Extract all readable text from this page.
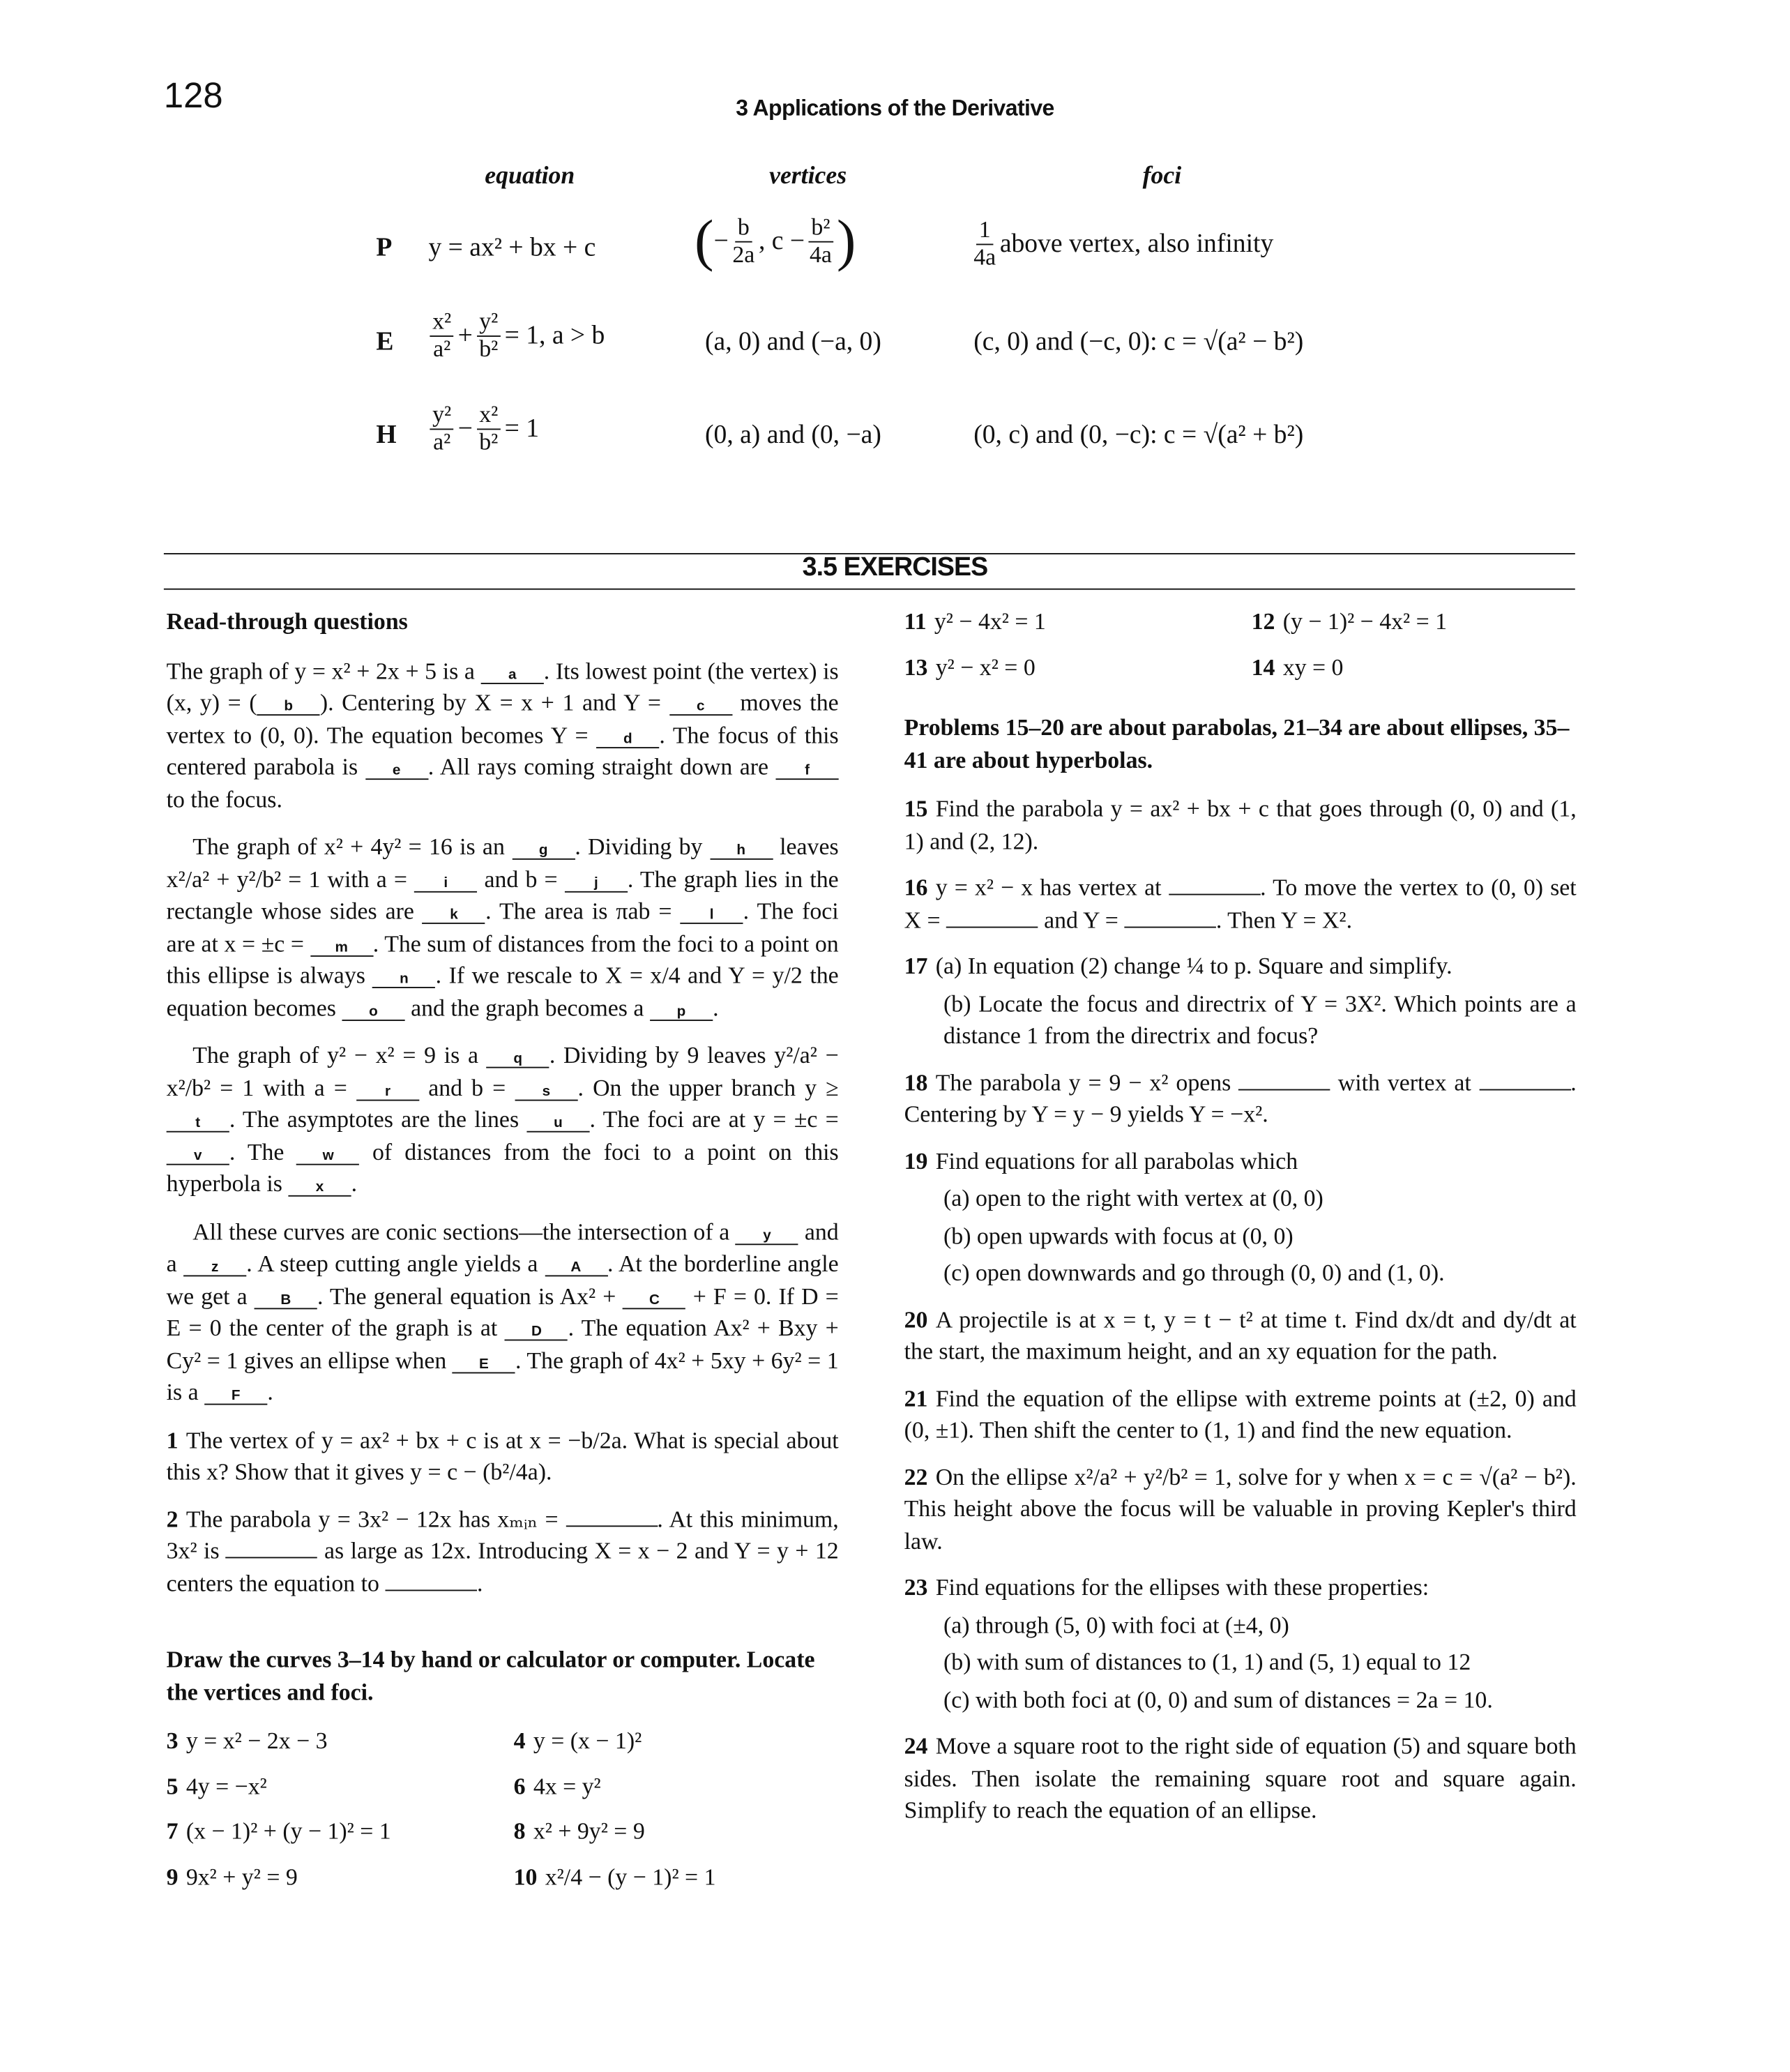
128	3 Applications of the Derivative
equation	vertices	foci
P	y = ax² + bx + c	( − $\frac{b}{2a}$ , $c - \frac{\text{b²}}{4a}$ )	$\frac{1}{4a}$ above vertex, also infinity
E	$\frac{\text{x²}}{\text{a²}} + \frac{\text{y²}}{\text{b²}} = 1$, a > b	(a, 0) and (−a, 0)	(c, 0) and (−c, 0): c = √(a² − b²)
H	$\frac{\text{y²}}{\text{a²}} - \frac{\text{x²}}{\text{b²}} = 1$	(0, a) and (0, −a)	(0, c) and (0, −c): c = √(a² + b²)
3.5 EXERCISES
Read-through questions
The graph of y = x² + 2x + 5 is a	a . Its lowest point (the vertex) is (x, y) = (	b ). Centering by X = x + 1 and Y =	c moves the vertex to (0, 0). The equation becomes Y =	d . The focus of this centered parabola is	e . All rays coming straight down are	f to the focus.
The graph of x² + 4y² = 16 is an	g . Dividing by	h leaves x²/a² + y²/b² = 1 with a =	i and b =	j . The graph lies in the rectangle whose sides are	k . The area is πab =	l . The foci are at x = ±c =	m . The sum of distances from the foci to a point on this ellipse is always	n . If we rescale to X = x/4 and Y = y/2 the equation becomes	o and the graph becomes a	p .
The graph of y² − x² = 9 is a	q . Dividing by 9 leaves y²/a² − x²/b² = 1 with a =	r and b =	s . On the upper branch y ≥ t . The asymptotes are the lines	u . The foci are at y = ±c = v . The	w of distances from the foci to a point on this hyperbola is	x .
All these curves are conic sections—the intersection of a	y and a	z . A steep cutting angle yields a	A . At the borderline angle we get a	B . The general equation is Ax² +	C + F = 0. If D = E = 0 the center of the graph is at	D . The equation Ax² + Bxy + Cy² = 1 gives an ellipse when	E . The graph of 4x² + 5xy + 6y² = 1 is a	F .
1 The vertex of y = ax² + bx + c is at x = −b/2a. What is special about this x? Show that it gives y = c − (b²/4a).
2 The parabola y = 3x² − 12x has xₘᵢₙ =	. At this minimum, 3x² is	as large as 12x. Introducing X = x − 2 and Y = y + 12 centers the equation to	.
Draw the curves 3–14 by hand or calculator or computer. Locate the vertices and foci.
3 y = x² − 2x − 3	4 y = (x − 1)²
5 4y = −x²	6 4x = y²
7 (x − 1)² + (y − 1)² = 1	8 x² + 9y² = 9
9 9x² + y² = 9	10 x²/4 − (y − 1)² = 1
11 y² − 4x² = 1	12 (y − 1)² − 4x² = 1
13 y² − x² = 0	14 xy = 0
Problems 15–20 are about parabolas, 21–34 are about ellipses, 35–41 are about hyperbolas.
15 Find the parabola y = ax² + bx + c that goes through (0, 0) and (1, 1) and (2, 12).
16 y = x² − x has vertex at	. To move the vertex to (0, 0) set X =	and Y =	. Then Y = X².
17 (a) In equation (2) change ¼ to p. Square and simplify.
(b) Locate the focus and directrix of Y = 3X². Which points are a distance 1 from the directrix and focus?
18 The parabola y = 9 − x² opens	with vertex at	. Centering by Y = y − 9 yields Y = −x².
19 Find equations for all parabolas which
(a) open to the right with vertex at (0, 0)
(b) open upwards with focus at (0, 0)
(c) open downwards and go through (0, 0) and (1, 0).
20 A projectile is at x = t, y = t − t² at time t. Find dx/dt and dy/dt at the start, the maximum height, and an xy equation for the path.
21 Find the equation of the ellipse with extreme points at (±2, 0) and (0, ±1). Then shift the center to (1, 1) and find the new equation.
22 On the ellipse x²/a² + y²/b² = 1, solve for y when x = c = √(a² − b²). This height above the focus will be valuable in proving Kepler's third law.
23 Find equations for the ellipses with these properties:
(a) through (5, 0) with foci at (±4, 0)
(b) with sum of distances to (1, 1) and (5, 1) equal to 12
(c) with both foci at (0, 0) and sum of distances = 2a = 10.
24 Move a square root to the right side of equation (5) and square both sides. Then isolate the remaining square root and square again. Simplify to reach the equation of an ellipse.
